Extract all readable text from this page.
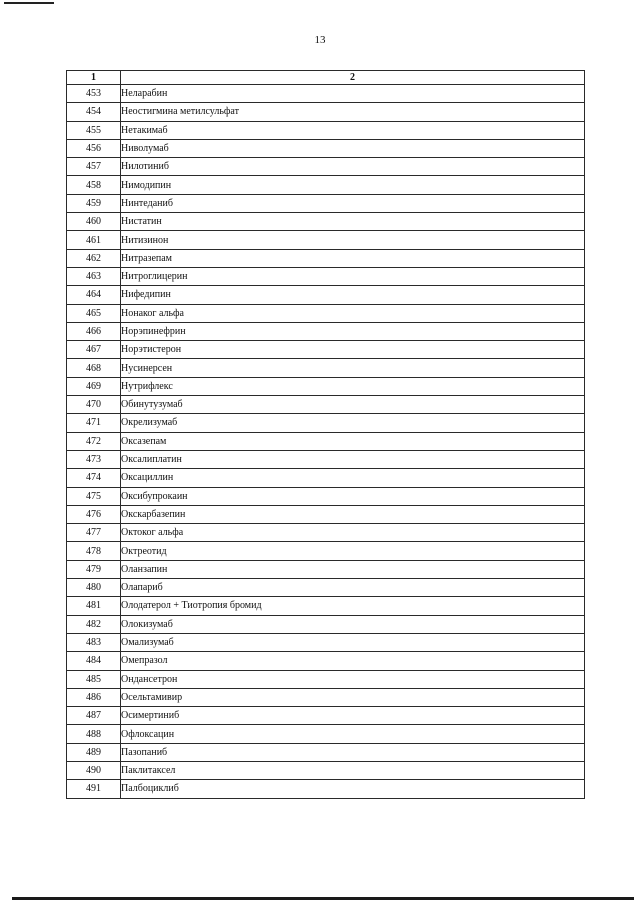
13
1	2
453	Неларабин
454	Неостигмина метилсульфат
455	Нетакимаб
456	Ниволумаб
457	Нилотиниб
458	Нимодипин
459	Нинтеданиб
460	Нистатин
461	Нитизинон
462	Нитразепам
463	Нитроглицерин
464	Нифедипин
465	Нонаког альфа
466	Норэпинефрин
467	Норэтистерон
468	Нусинерсен
469	Нутрифлекс
470	Обинутузумаб
471	Окрелизумаб
472	Оксазепам
473	Оксалиплатин
474	Оксациллин
475	Оксибупрокаин
476	Окскарбазепин
477	Октоког альфа
478	Октреотид
479	Оланзапин
480	Олапариб
481	Олодатерол + Тиотропия бромид
482	Олокизумаб
483	Омализумаб
484	Омепразол
485	Ондансетрон
486	Осельтамивир
487	Осимертиниб
488	Офлоксацин
489	Пазопаниб
490	Паклитаксел
491	Палбоциклиб
